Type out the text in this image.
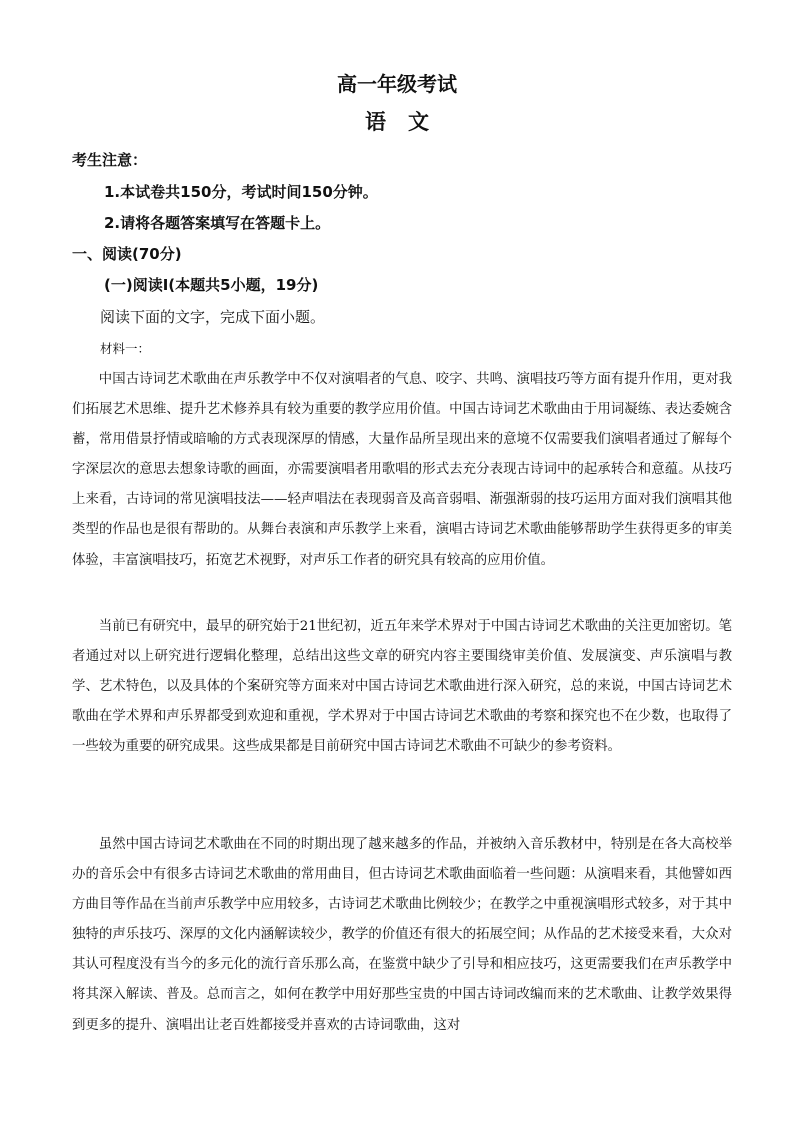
高一年级考试
语文
考生注意：
1.本试卷共150分，考试时间150分钟。
2.请将各题答案填写在答题卡上。
一、阅读(70分)
(一)阅读Ⅰ(本题共5小题，19分)
阅读下面的文字，完成下面小题。
材料一：
中国古诗词艺术歌曲在声乐教学中不仅对演唱者的气息、咬字、共鸣、演唱技巧等方面有提升作用，更对我们拓展艺术思维、提升艺术修养具有较为重要的教学应用价值。中国古诗词艺术歌曲由于用词凝练、表达委婉含蓄，常用借景抒情或暗喻的方式表现深厚的情感，大量作品所呈现出来的意境不仅需要我们演唱者通过了解每个字深层次的意思去想象诗歌的画面，亦需要演唱者用歌唱的形式去充分表现古诗词中的起承转合和意蕴。从技巧上来看，古诗词的常见演唱技法——轻声唱法在表现弱音及高音弱唱、渐强渐弱的技巧运用方面对我们演唱其他类型的作品也是很有帮助的。从舞台表演和声乐教学上来看，演唱古诗词艺术歌曲能够帮助学生获得更多的审美体验，丰富演唱技巧，拓宽艺术视野，对声乐工作者的研究具有较高的应用价值。
当前已有研究中，最早的研究始于21世纪初，近五年来学术界对于中国古诗词艺术歌曲的关注更加密切。笔者通过对以上研究进行逻辑化整理，总结出这些文章的研究内容主要围绕审美价值、发展演变、声乐演唱与教学、艺术特色，以及具体的个案研究等方面来对中国古诗词艺术歌曲进行深入研究，总的来说，中国古诗词艺术歌曲在学术界和声乐界都受到欢迎和重视，学术界对于中国古诗词艺术歌曲的考察和探究也不在少数，也取得了一些较为重要的研究成果。这些成果都是目前研究中国古诗词艺术歌曲不可缺少的参考资料。
虽然中国古诗词艺术歌曲在不同的时期出现了越来越多的作品，并被纳入音乐教材中，特别是在各大高校举办的音乐会中有很多古诗词艺术歌曲的常用曲目，但古诗词艺术歌曲面临着一些问题：从演唱来看，其他譬如西方曲目等作品在当前声乐教学中应用较多，古诗词艺术歌曲比例较少；在教学之中重视演唱形式较多，对于其中独特的声乐技巧、深厚的文化内涵解读较少，教学的价值还有很大的拓展空间；从作品的艺术接受来看，大众对其认可程度没有当今的多元化的流行音乐那么高，在鉴赏中缺少了引导和相应技巧，这更需要我们在声乐教学中将其深入解读、普及。总而言之，如何在教学中用好那些宝贵的中国古诗词改编而来的艺术歌曲、让教学效果得到更多的提升、演唱出让老百姓都接受并喜欢的古诗词歌曲，这对
